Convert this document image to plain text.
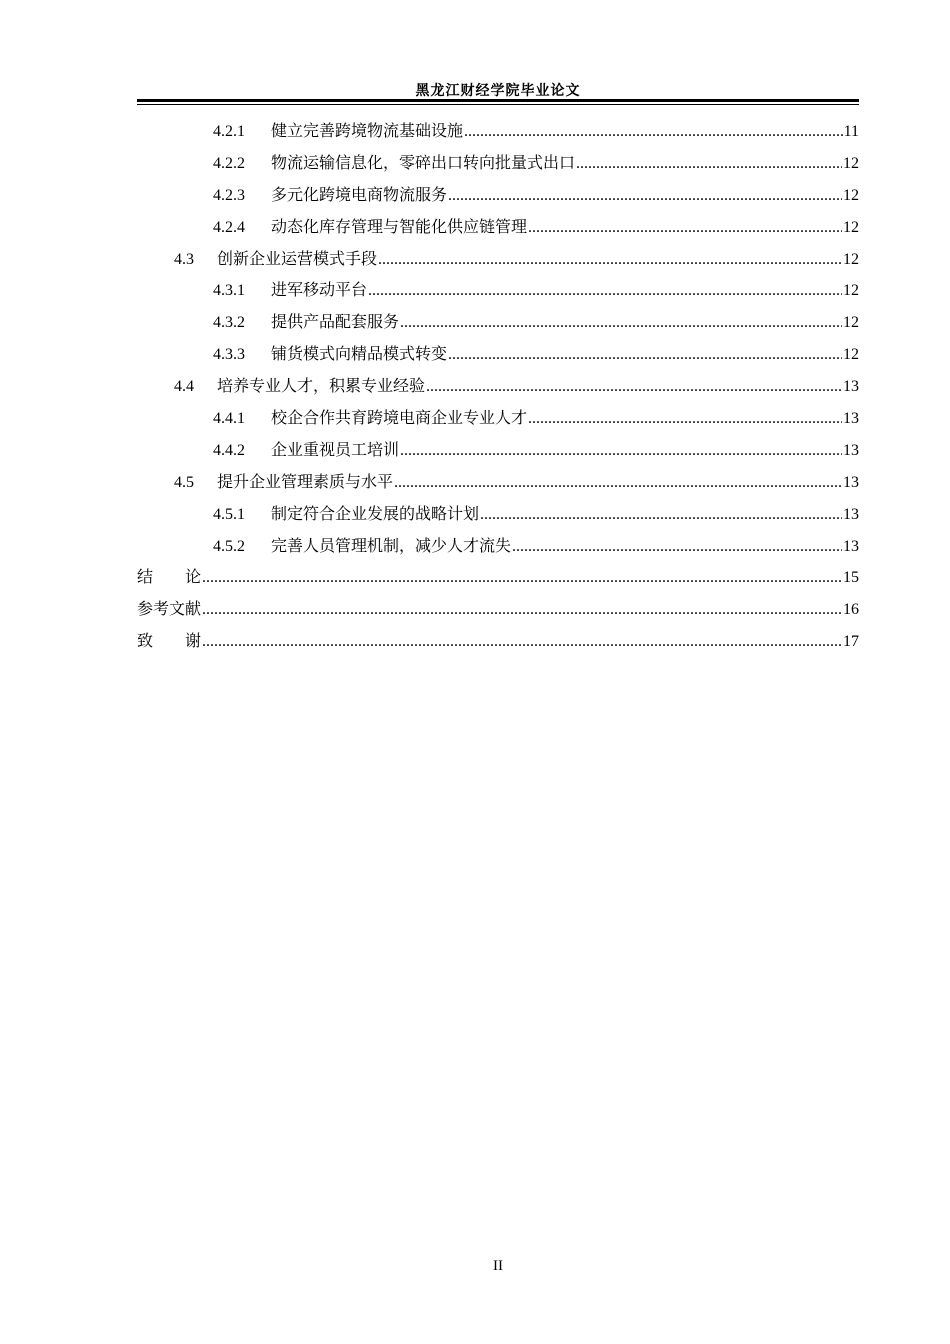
黑龙江财经学院毕业论文
4.2.1	健立完善跨境物流基础设施 .....	11
4.2.2	物流运输信息化，零碎出口转向批量式出口 .....	12
4.2.3	多元化跨境电商物流服务 .....	12
4.2.4	动态化库存管理与智能化供应链管理 .....	12
4.3	创新企业运营模式手段 .....	12
4.3.1	进军移动平台 .....	12
4.3.2	提供产品配套服务 .....	12
4.3.3	铺货模式向精品模式转变 .....	12
4.4	培养专业人才，积累专业经验 .....	13
4.4.1	校企合作共育跨境电商企业专业人才 .....	13
4.4.2	企业重视员工培训 .....	13
4.5	提升企业管理素质与水平 .....	13
4.5.1	制定符合企业发展的战略计划 .....	13
4.5.2	完善人员管理机制，减少人才流失 .....	13
结　　论 .....	15
参考文献 .....	16
致　　谢 .....	17
II
